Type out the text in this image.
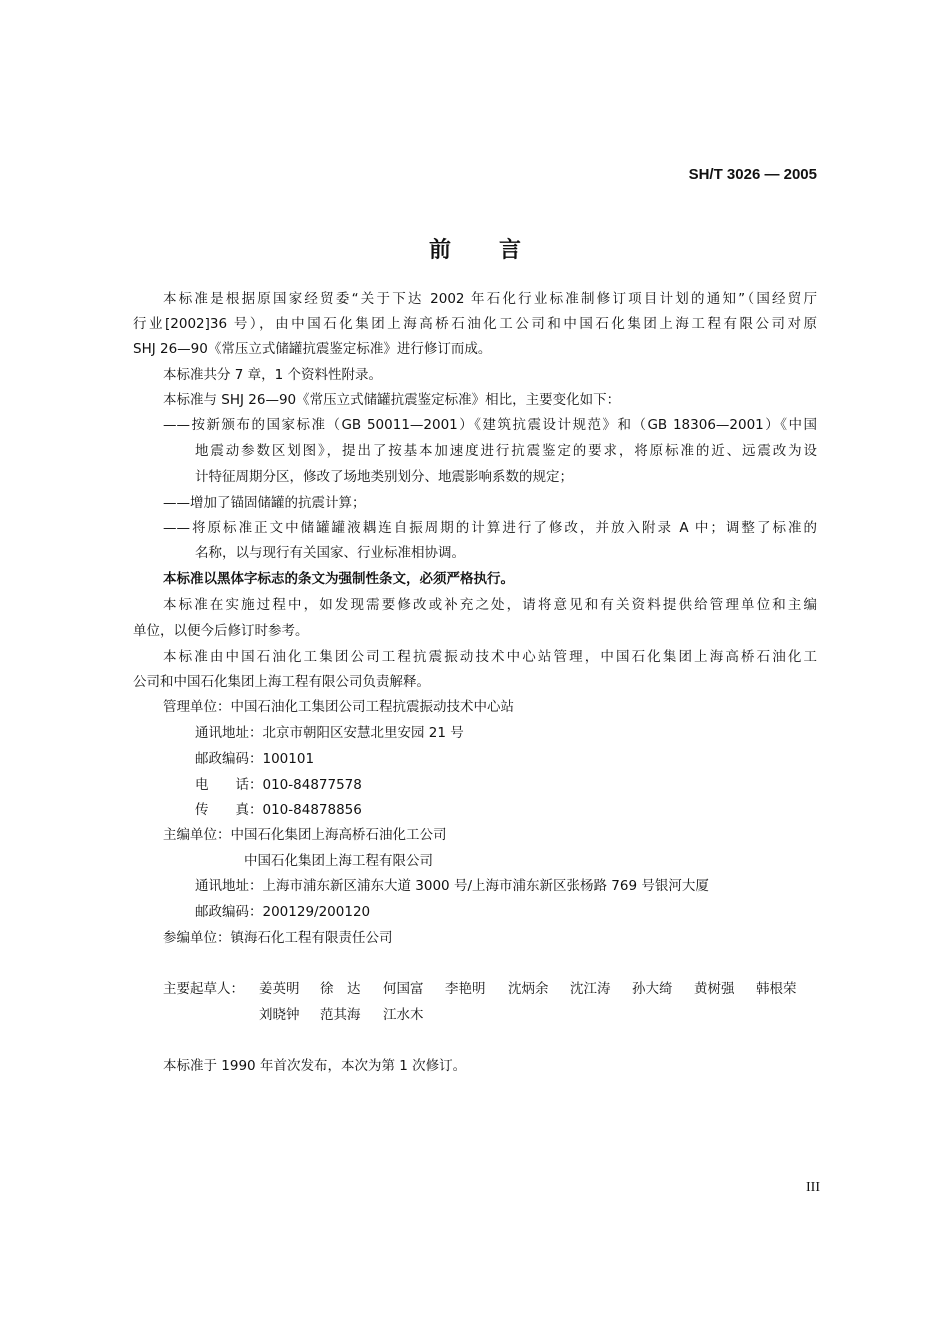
SH/T 3026 — 2005
前言
本标准是根据原国家经贸委“关于下达 2002 年石化行业标准制修订项目计划的通知”（国经贸厅
行业[2002]36 号），由中国石化集团上海高桥石油化工公司和中国石化集团上海工程有限公司对原
SHJ 26—90《常压立式储罐抗震鉴定标准》进行修订而成。
本标准共分 7 章，1 个资料性附录。
本标准与 SHJ 26—90《常压立式储罐抗震鉴定标准》相比，主要变化如下：
——按新颁布的国家标准（GB 50011—2001）《建筑抗震设计规范》和（GB 18306—2001）《中国
地震动参数区划图》，提出了按基本加速度进行抗震鉴定的要求，将原标准的近、远震改为设
计特征周期分区，修改了场地类别划分、地震影响系数的规定；
——增加了锚固储罐的抗震计算；
——将原标准正文中储罐罐液耦连自振周期的计算进行了修改，并放入附录 A 中；调整了标准的
名称，以与现行有关国家、行业标准相协调。
本标准以黑体字标志的条文为强制性条文，必须严格执行。
本标准在实施过程中，如发现需要修改或补充之处，请将意见和有关资料提供给管理单位和主编
单位，以便今后修订时参考。
本标准由中国石油化工集团公司工程抗震振动技术中心站管理，中国石化集团上海高桥石油化工
公司和中国石化集团上海工程有限公司负责解释。
管理单位：中国石油化工集团公司工程抗震振动技术中心站
通讯地址：北京市朝阳区安慧北里安园 21 号
邮政编码：100101
电　　话：010-84877578
传　　真：010-84878856
主编单位：中国石化集团上海高桥石油化工公司
中国石化集团上海工程有限公司
通讯地址：上海市浦东新区浦东大道 3000 号/上海市浦东新区张杨路 769 号银河大厦
邮政编码：200129/200120
参编单位：镇海石化工程有限责任公司
主要起草人： 姜英明 徐　达 何国富 李艳明 沈炳余 沈江涛 孙大绮 黄树强 韩根荣
刘晓钟 范其海 江水木
本标准于 1990 年首次发布，本次为第 1 次修订。
III
